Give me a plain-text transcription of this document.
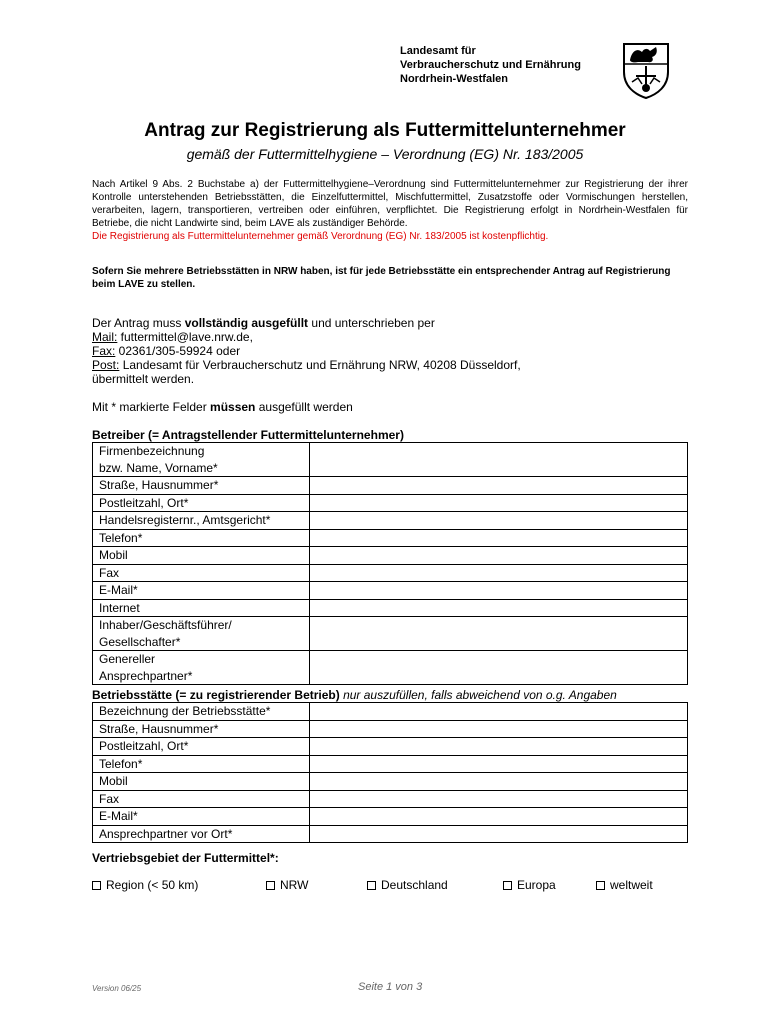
Landesamt für
Verbraucherschutz und Ernährung
Nordrhein-Westfalen
Antrag zur Registrierung als Futtermittelunternehmer
gemäß der Futtermittelhygiene – Verordnung (EG) Nr. 183/2005
Nach Artikel 9 Abs. 2 Buchstabe a) der Futtermittelhygiene–Verordnung sind Futtermittelunternehmer zur Registrierung der ihrer Kontrolle unterstehenden Betriebsstätten, die Einzelfuttermittel, Mischfuttermittel, Zusatzstoffe oder Vormischungen herstellen, verarbeiten, lagern, transportieren, vertreiben oder einführen, verpflichtet. Die Registrierung erfolgt in Nordrhein-Westfalen für Betriebe, die nicht Landwirte sind, beim LAVE als zuständiger Behörde.
Die Registrierung als Futtermittelunternehmer gemäß Verordnung (EG) Nr. 183/2005 ist kostenpflichtig.
Sofern Sie mehrere Betriebsstätten in NRW haben, ist für jede Betriebsstätte ein entsprechender Antrag auf Registrierung beim LAVE zu stellen.
Der Antrag muss vollständig ausgefüllt und unterschrieben per
Mail: futtermittel@lave.nrw.de,
Fax: 02361/305-59924 oder
Post: Landesamt für Verbraucherschutz und Ernährung NRW, 40208 Düsseldorf,
übermittelt werden.
Mit * markierte Felder müssen ausgefüllt werden
Betreiber (= Antragstellender Futtermittelunternehmer)
Firmenbezeichnung
bzw. Name, Vorname*	

Straße, Hausnummer*	

Postleitzahl, Ort*	

Handelsregisternr., Amtsgericht*	

Telefon*	

Mobil	

Fax	

E-Mail*	

Internet	

Inhaber/Geschäftsführer/
Gesellschafter*	

Genereller
Ansprechpartner*	

Betriebsstätte (= zu registrierender Betrieb) nur auszufüllen, falls abweichend von o.g. Angaben
Bezeichnung der Betriebsstätte*	

Straße, Hausnummer*	

Postleitzahl, Ort*	

Telefon*	

Mobil	

Fax	

E-Mail*	

Ansprechpartner vor Ort*	

Vertriebsgebiet der Futtermittel*:
Region (< 50 km)	NRW	Deutschland	Europa	weltweit
Version 06/25	Seite 1 von 3
